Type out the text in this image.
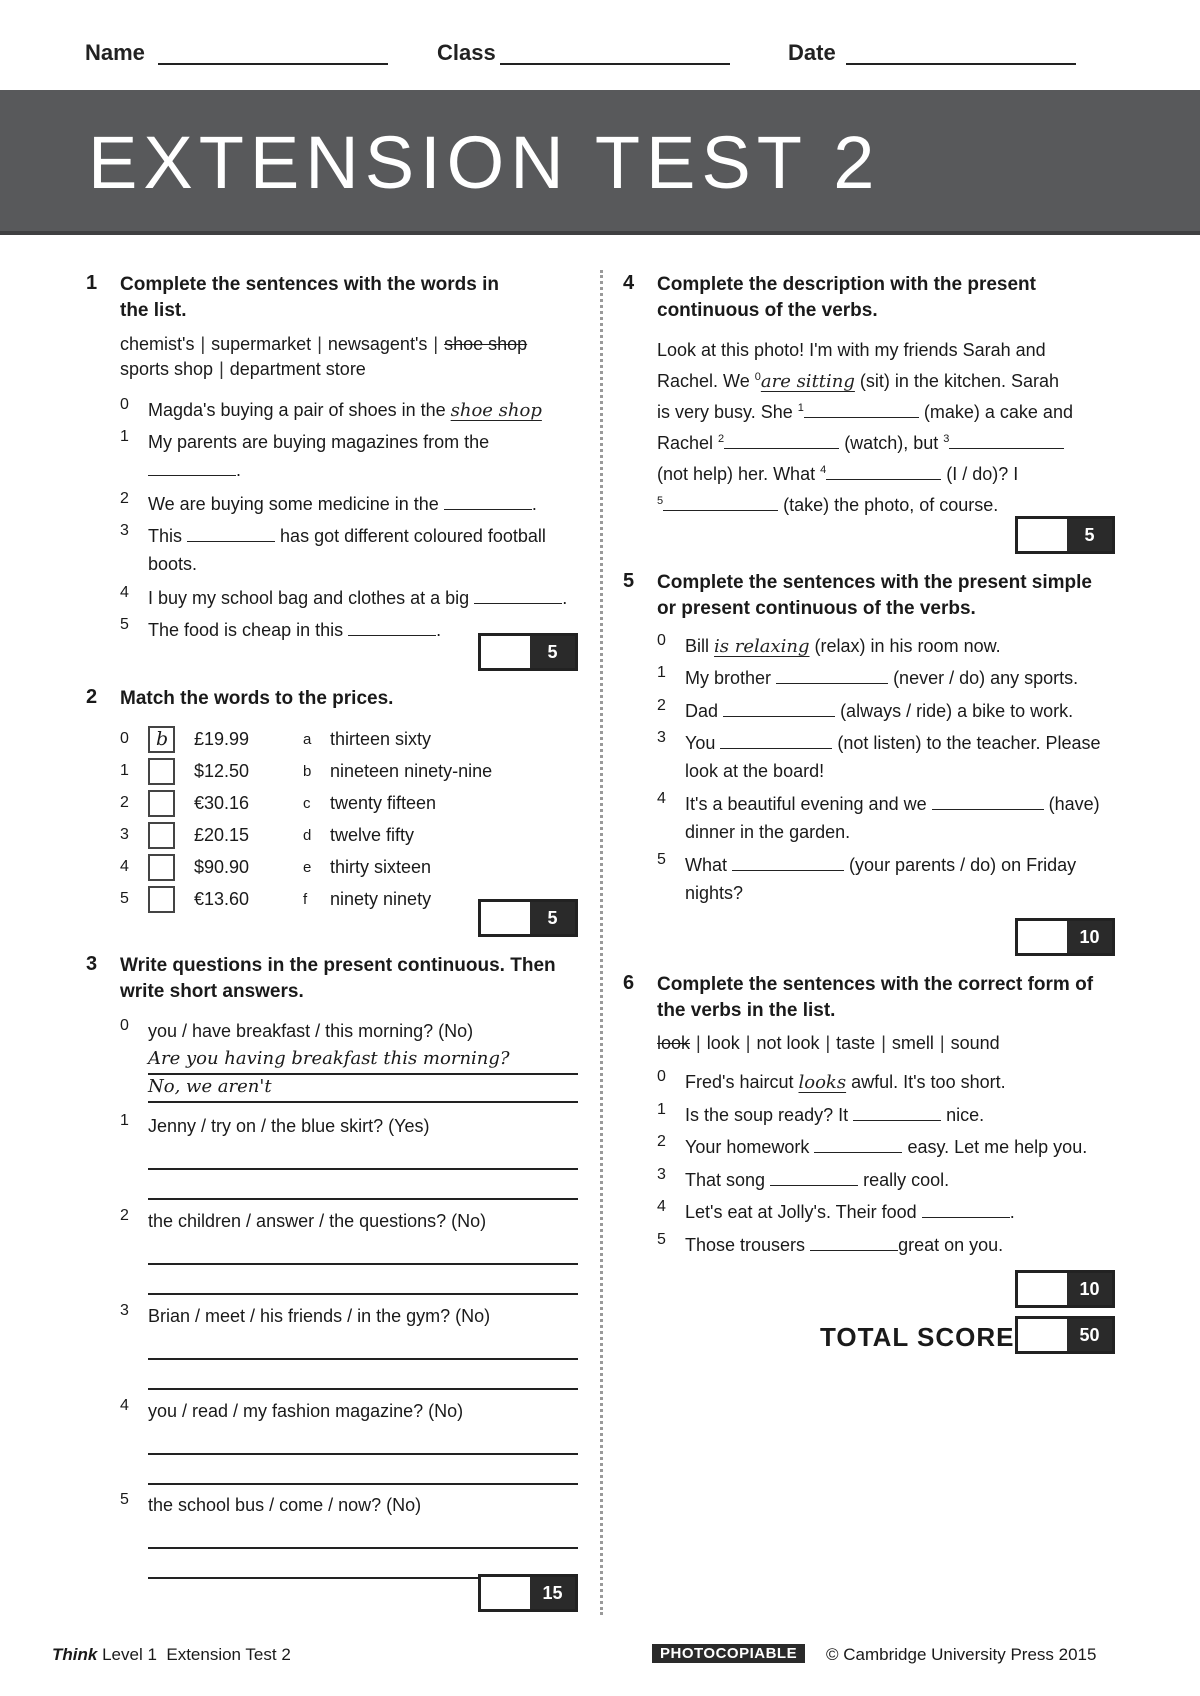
Name	Class	Date
EXTENSION TEST 2
1 Complete the sentences with the words in
the list.
chemist's | supermarket | newsagent's | shoe shop
sports shop | department store
0	Magda's buying a pair of shoes in the shoe shop
1	My parents are buying magazines from the
.
2	We are buying some medicine in the	.
3	This	has got different coloured football
boots.
4	I buy my school bag and clothes at a big	.
5	The food is cheap in this	.
5
2 Match the words to the prices.
0 b £19.99	a thirteen sixty
1	$12.50	b nineteen ninety-nine
2	€30.16	c twenty fifteen
3	£20.15	d twelve fifty
4	$90.90	e thirty sixteen
5	€13.60	f ninety ninety
5
3 Write questions in the present continuous. Then
write short answers.
0	you / have breakfast / this morning? (No)
Are you having breakfast this morning?
No, we aren't
1	Jenny / try on / the blue skirt? (Yes)
2	the children / answer / the questions? (No)
3	Brian / meet / his friends / in the gym? (No)
4	you / read / my fashion magazine? (No)
5	the school bus / come / now? (No)
15
4 Complete the description with the present
continuous of the verbs.
Look at this photo! I'm with my friends Sarah and
Rachel. We $^0$are sitting (sit) in the kitchen. Sarah
is very busy. She $^1$	(make) a cake and
Rachel $^2$	(watch), but $^3$
(not help) her. What $^4$	(I / do)? I
$^5$	(take) the photo, of course.
5
5 Complete the sentences with the present simple
or present continuous of the verbs.
0	Bill is relaxing (relax) in his room now.
1	My brother	(never / do) any sports.
2	Dad	(always / ride) a bike to work.
3	You	(not listen) to the teacher. Please
look at the board!
4	It's a beautiful evening and we	(have)
dinner in the garden.
5	What	(your parents / do) on Friday
nights?
10
6 Complete the sentences with the correct form of
the verbs in the list.
look | look | not look | taste | smell | sound
0	Fred's haircut looks awful. It's too short.
1	Is the soup ready? It	nice.
2	Your homework	easy. Let me help you.
3	That song	really cool.
4	Let's eat at Jolly's. Their food	.
5	Those trousers	great on you.
10
TOTAL SCORE	50
Think Level 1 Extension Test 2	PHOTOCOPIABLE	© Cambridge University Press 2015
